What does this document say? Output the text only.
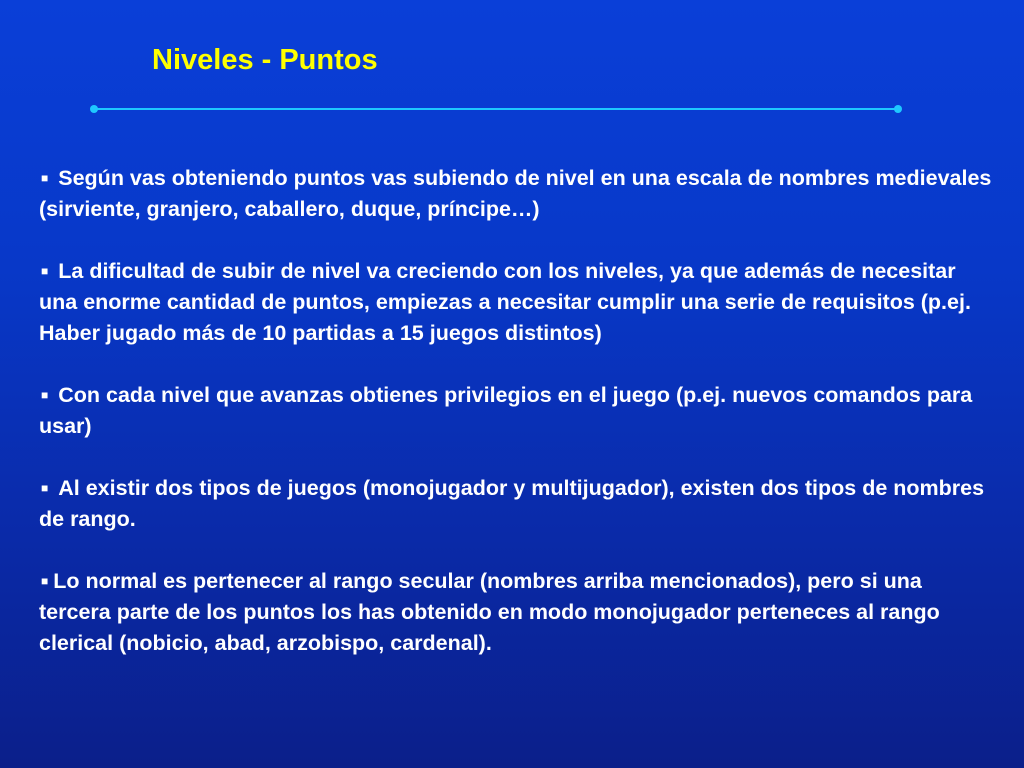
Niveles - Puntos

■ Según vas obteniendo puntos vas subiendo de nivel en una escala de nombres medievales (sirviente, granjero, caballero, duque, príncipe…)

■ La dificultad de subir de nivel va creciendo con los niveles, ya que además de necesitar una enorme cantidad de puntos, empiezas a necesitar cumplir una serie de requisitos (p.ej. Haber jugado más de 10 partidas a 15 juegos distintos)

■ Con cada nivel que avanzas obtienes privilegios en el juego (p.ej. nuevos comandos para usar)

■ Al existir dos tipos de juegos (monojugador y multijugador), existen dos tipos de nombres de rango.

■ Lo normal es pertenecer al rango secular (nombres arriba mencionados), pero si una tercera parte de los puntos los has obtenido en modo monojugador perteneces al rango clerical (nobicio, abad, arzobispo, cardenal).
